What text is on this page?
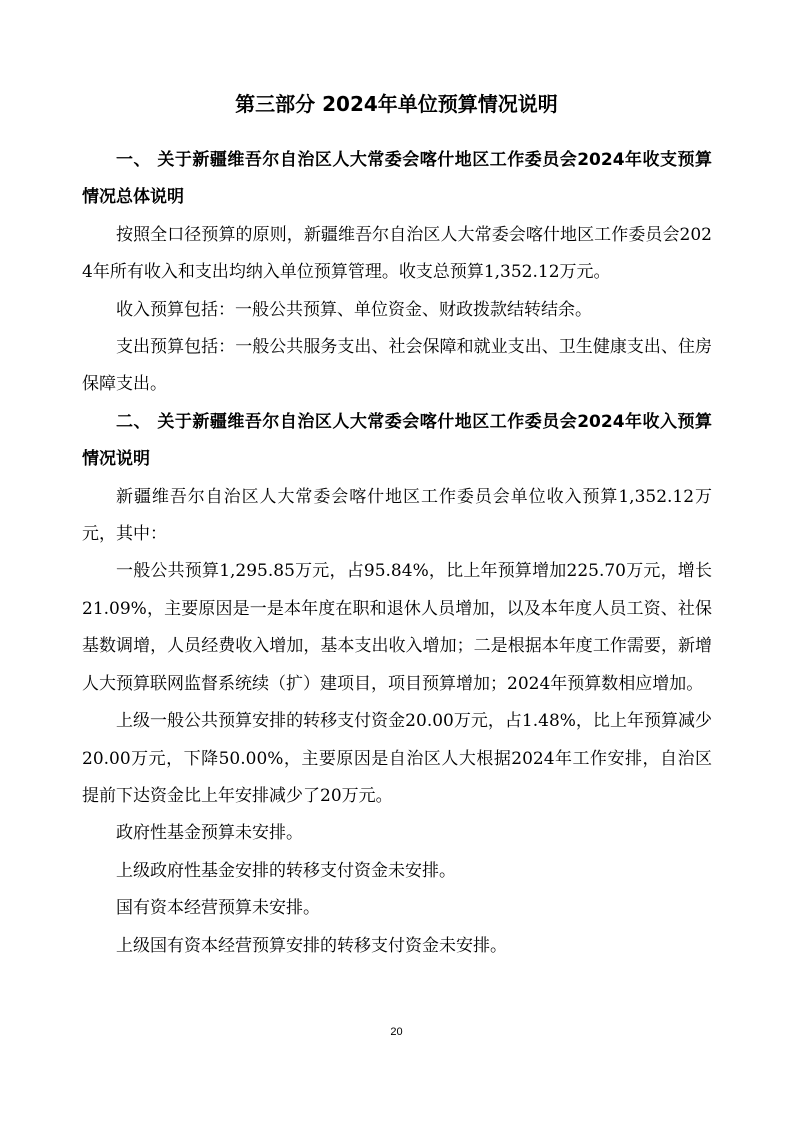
第三部分 2024年单位预算情况说明

一、 关于新疆维吾尔自治区人大常委会喀什地区工作委员会2024年收支预算情况总体说明

按照全口径预算的原则，新疆维吾尔自治区人大常委会喀什地区工作委员会2024年所有收入和支出均纳入单位预算管理。收支总预算1,352.12万元。

收入预算包括：一般公共预算、单位资金、财政拨款结转结余。

支出预算包括：一般公共服务支出、社会保障和就业支出、卫生健康支出、住房保障支出。

二、 关于新疆维吾尔自治区人大常委会喀什地区工作委员会2024年收入预算情况说明

新疆维吾尔自治区人大常委会喀什地区工作委员会单位收入预算1,352.12万元，其中：

一般公共预算1,295.85万元，占95.84%，比上年预算增加225.70万元，增长21.09%，主要原因是一是本年度在职和退休人员增加，以及本年度人员工资、社保基数调增，人员经费收入增加，基本支出收入增加；二是根据本年度工作需要，新增人大预算联网监督系统续（扩）建项目，项目预算增加；2024年预算数相应增加。

上级一般公共预算安排的转移支付资金20.00万元，占1.48%，比上年预算减少20.00万元，下降50.00%，主要原因是自治区人大根据2024年工作安排，自治区提前下达资金比上年安排减少了20万元。

政府性基金预算未安排。

上级政府性基金安排的转移支付资金未安排。

国有资本经营预算未安排。

上级国有资本经营预算安排的转移支付资金未安排。

20
